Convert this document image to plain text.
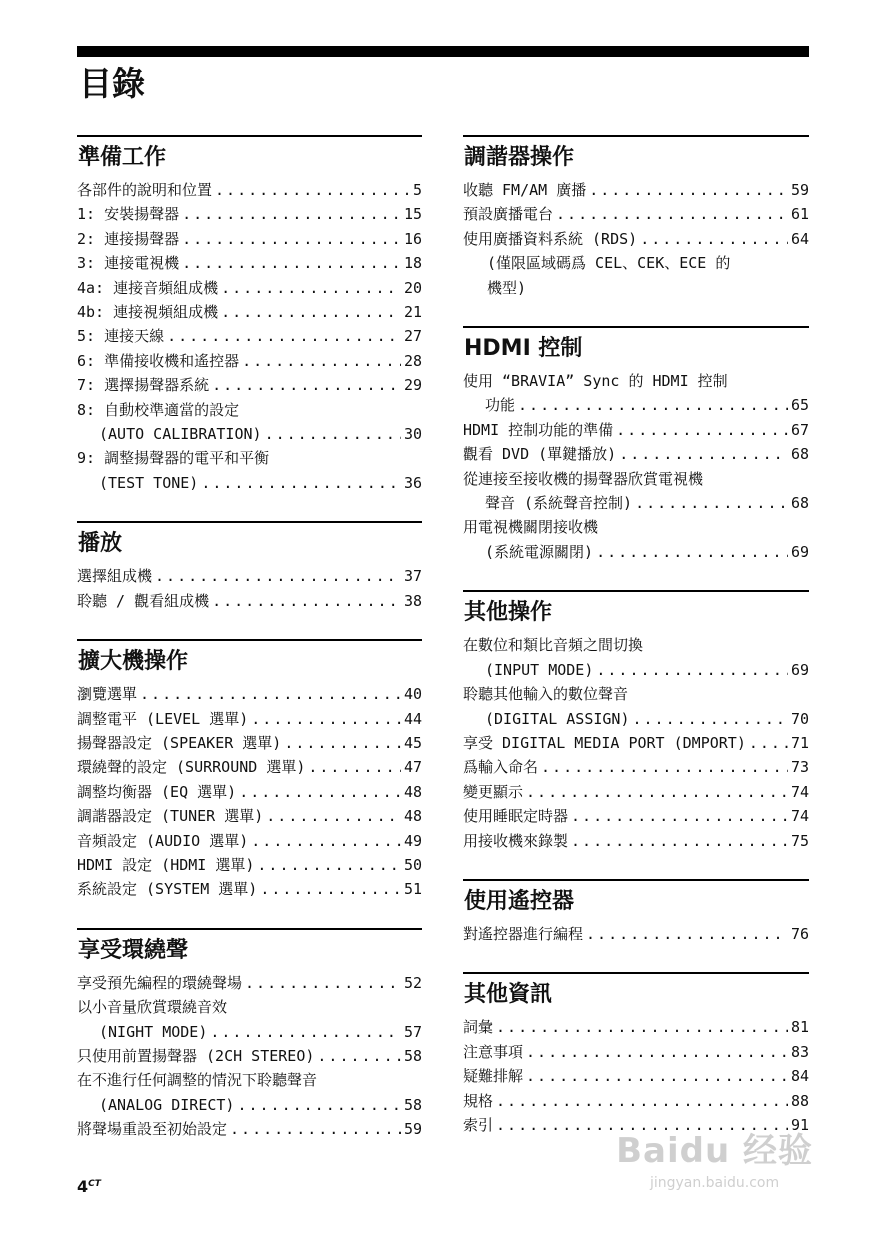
目錄
準備工作
各部件的說明和位置 .....	5
1: 安裝揚聲器 .....	15
2: 連接揚聲器 .....	16
3: 連接電視機 .....	18
4a: 連接音頻組成機 .....	20
4b: 連接視頻組成機 .....	21
5: 連接天線 .....	27
6: 準備接收機和遙控器 .....	28
7: 選擇揚聲器系統 .....	29
8: 自動校準適當的設定
(AUTO CALIBRATION) .....	30
9: 調整揚聲器的電平和平衡
(TEST TONE) .....	36
播放
選擇組成機 .....	37
聆聽 / 觀看組成機 .....	38
擴大機操作
瀏覽選單 .....	40
調整電平 (LEVEL 選單) .....	44
揚聲器設定 (SPEAKER 選單) .....	45
環繞聲的設定 (SURROUND 選單) .....	47
調整均衡器 (EQ 選單) .....	48
調諧器設定 (TUNER 選單) .....	48
音頻設定 (AUDIO 選單) .....	49
HDMI 設定 (HDMI 選單) .....	50
系統設定 (SYSTEM 選單) .....	51
享受環繞聲
享受預先編程的環繞聲場 .....	52
以小音量欣賞環繞音效
(NIGHT MODE) .....	57
只使用前置揚聲器 (2CH STEREO) .....	58
在不進行任何調整的情況下聆聽聲音
(ANALOG DIRECT) .....	58
將聲場重設至初始設定 .....	59
調諧器操作
收聽 FM/AM 廣播 .....	59
預設廣播電台 .....	61
使用廣播資料系統 (RDS) .....	64
(僅限區域碼爲 CEL、CEK、ECE 的
機型)
HDMI 控制
使用 “BRAVIA” Sync 的 HDMI 控制
功能 .....	65
HDMI 控制功能的準備 .....	67
觀看 DVD (單鍵播放) .....	68
從連接至接收機的揚聲器欣賞電視機
聲音 (系統聲音控制) .....	68
用電視機關閉接收機
(系統電源關閉) .....	69
其他操作
在數位和類比音頻之間切換
(INPUT MODE) .....	69
聆聽其他輸入的數位聲音
(DIGITAL ASSIGN) .....	70
享受 DIGITAL MEDIA PORT (DMPORT) .....	71
爲輸入命名 .....	73
變更顯示 .....	74
使用睡眠定時器 .....	74
用接收機來錄製 .....	75
使用遙控器
對遙控器進行編程 .....	76
其他資訊
詞彙 .....	81
注意事項 .....	83
疑難排解 .....	84
規格 .....	88
索引 .....	91
$4^{CT}$
Baidu 经验
jingyan.baidu.com
